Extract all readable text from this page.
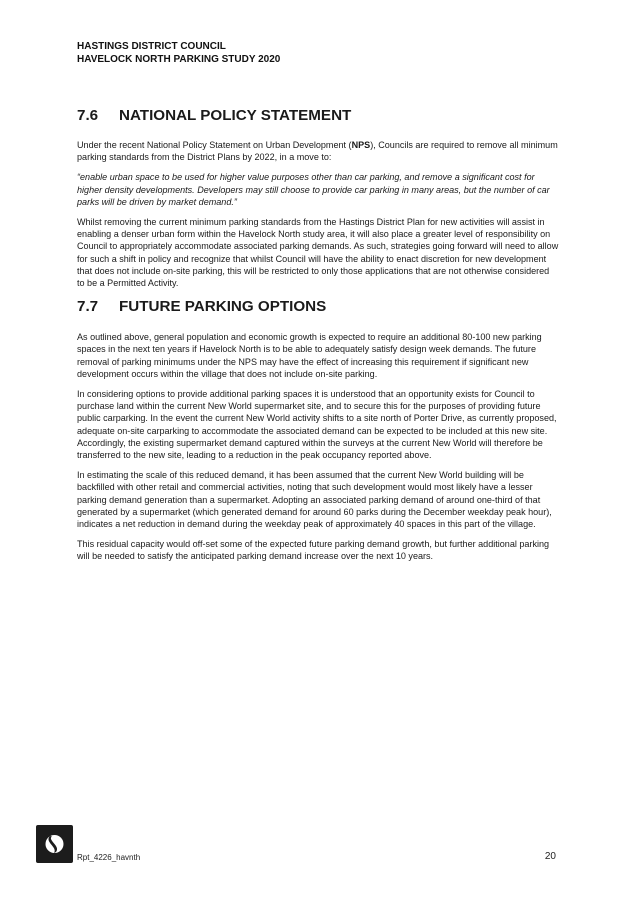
HASTINGS DISTRICT COUNCIL
HAVELOCK NORTH PARKING STUDY 2020
7.6	NATIONAL POLICY STATEMENT

Under the recent National Policy Statement on Urban Development (NPS), Councils are required to remove all minimum parking standards from the District Plans by 2022, in a move to:

“enable urban space to be used for higher value purposes other than car parking, and remove a significant cost for higher density developments. Developers may still choose to provide car parking in many areas, but the number of car parks will be driven by market demand.”

Whilst removing the current minimum parking standards from the Hastings District Plan for new activities will assist in enabling a denser urban form within the Havelock North study area, it will also place a greater level of responsibility on Council to appropriately accommodate associated parking demands. As such, strategies going forward will need to allow for such a shift in policy and recognize that whilst Council will have the ability to enact discretion for new development that does not include on-site parking, this will be restricted to only those applications that are not otherwise considered to be a Permitted Activity.

7.7	FUTURE PARKING OPTIONS

As outlined above, general population and economic growth is expected to require an additional 80-100 new parking spaces in the next ten years if Havelock North is to be able to adequately satisfy design week demands. The future removal of parking minimums under the NPS may have the effect of increasing this requirement if significant new development occurs within the village that does not include on-site parking.

In considering options to provide additional parking spaces it is understood that an opportunity exists for Council to purchase land within the current New World supermarket site, and to secure this for the purposes of providing future public carparking. In the event the current New World activity shifts to a site north of Porter Drive, as currently proposed, adequate on-site carparking to accommodate the associated demand can be expected to be included at this new site. Accordingly, the existing supermarket demand captured within the surveys at the current New World will therefore be transferred to the new site, leading to a reduction in the peak occupancy reported above.

In estimating the scale of this reduced demand, it has been assumed that the current New World building will be backfilled with other retail and commercial activities, noting that such development would most likely have a lesser parking demand generation than a supermarket. Adopting an associated parking demand of around one-third of that generated by a supermarket (which generated demand for around 60 parks during the December weekday peak hour), indicates a net reduction in demand during the weekday peak of approximately 40 spaces in this part of the village.

This residual capacity would off-set some of the expected future parking demand growth, but further additional parking will be needed to satisfy the anticipated parking demand increase over the next 10 years.

Rpt_4226_havnth	20
